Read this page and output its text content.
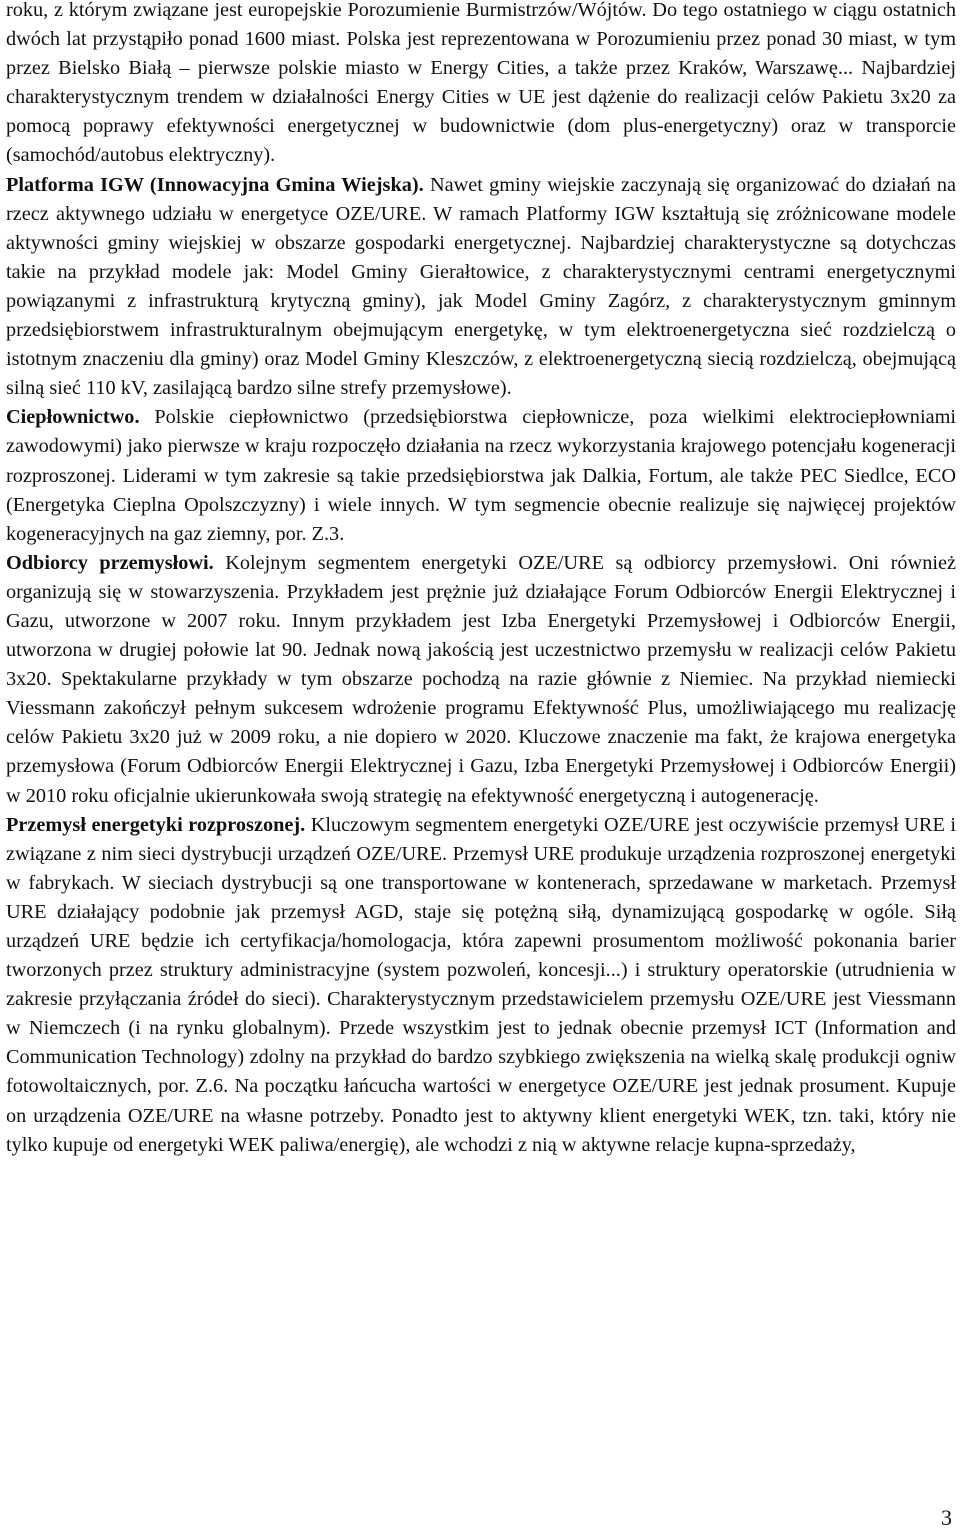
roku, z którym związane jest europejskie Porozumienie Burmistrzów/Wójtów. Do tego ostatniego w ciągu ostatnich dwóch lat przystąpiło ponad 1600 miast. Polska jest reprezentowana w Porozumieniu przez ponad 30 miast, w tym przez Bielsko Białą – pierwsze polskie miasto w Energy Cities, a także przez Kraków, Warszawę... Najbardziej charakterystycznym trendem w działalności Energy Cities w UE jest dążenie do realizacji celów Pakietu 3x20 za pomocą poprawy efektywności energetycznej w budownictwie (dom plus-energetyczny) oraz w transporcie (samochód/autobus elektryczny).

Platforma IGW (Innowacyjna Gmina Wiejska). Nawet gminy wiejskie zaczynają się organizować do działań na rzecz aktywnego udziału w energetyce OZE/URE. W ramach Platformy IGW kształtują się zróżnicowane modele aktywności gminy wiejskiej w obszarze gospodarki energetycznej. Najbardziej charakterystyczne są dotychczas takie na przykład modele jak: Model Gminy Gierałtowice, z charakterystycznymi centrami energetycznymi powiązanymi z infrastrukturą krytyczną gminy), jak Model Gminy Zagórz, z charakterystycznym gminnym przedsiębiorstwem infrastrukturalnym obejmującym energetykę, w tym elektroenergetyczna sieć rozdzielczą o istotnym znaczeniu dla gminy) oraz Model Gminy Kleszczów, z elektroenergetyczną siecią rozdzielczą, obejmującą silną sieć 110 kV, zasilającą bardzo silne strefy przemysłowe).

Ciepłownictwo. Polskie ciepłownictwo (przedsiębiorstwa ciepłownicze, poza wielkimi elektrociepłowniami zawodowymi) jako pierwsze w kraju rozpoczęło działania na rzecz wykorzystania krajowego potencjału kogeneracji rozproszonej. Liderami w tym zakresie są takie przedsiębiorstwa jak Dalkia, Fortum, ale także PEC Siedlce, ECO (Energetyka Cieplna Opolszczyzny) i wiele innych. W tym segmencie obecnie realizuje się najwięcej projektów kogeneracyjnych na gaz ziemny, por. Z.3.

Odbiorcy przemysłowi. Kolejnym segmentem energetyki OZE/URE są odbiorcy przemysłowi. Oni również organizują się w stowarzyszenia. Przykładem jest prężnie już działające Forum Odbiorców Energii Elektrycznej i Gazu, utworzone w 2007 roku. Innym przykładem jest Izba Energetyki Przemysłowej i Odbiorców Energii, utworzona w drugiej połowie lat 90. Jednak nową jakością jest uczestnictwo przemysłu w realizacji celów Pakietu 3x20. Spektakularne przykłady w tym obszarze pochodzą na razie głównie z Niemiec. Na przykład niemiecki Viessmann zakończył pełnym sukcesem wdrożenie programu Efektywność Plus, umożliwiającego mu realizację celów Pakietu 3x20 już w 2009 roku, a nie dopiero w 2020. Kluczowe znaczenie ma fakt, że krajowa energetyka przemysłowa (Forum Odbiorców Energii Elektrycznej i Gazu, Izba Energetyki Przemysłowej i Odbiorców Energii) w 2010 roku oficjalnie ukierunkowała swoją strategię na efektywność energetyczną i autogenerację.

Przemysł energetyki rozproszonej. Kluczowym segmentem energetyki OZE/URE jest oczywiście przemysł URE i związane z nim sieci dystrybucji urządzeń OZE/URE. Przemysł URE produkuje urządzenia rozproszonej energetyki w fabrykach. W sieciach dystrybucji są one transportowane w kontenerach, sprzedawane w marketach. Przemysł URE działający podobnie jak przemysł AGD, staje się potężną siłą, dynamizującą gospodarkę w ogóle. Siłą urządzeń URE będzie ich certyfikacja/homologacja, która zapewni prosumentom możliwość pokonania barier tworzonych przez struktury administracyjne (system pozwoleń, koncesji...) i struktury operatorskie (utrudnienia w zakresie przyłączania źródeł do sieci). Charakterystycznym przedstawicielem przemysłu OZE/URE jest Viessmann w Niemczech (i na rynku globalnym). Przede wszystkim jest to jednak obecnie przemysł ICT (Information and Communication Technology) zdolny na przykład do bardzo szybkiego zwiększenia na wielką skalę produkcji ogniw fotowoltaicznych, por. Z.6. Na początku łańcucha wartości w energetyce OZE/URE jest jednak prosument. Kupuje on urządzenia OZE/URE na własne potrzeby. Ponadto jest to aktywny klient energetyki WEK, tzn. taki, który nie tylko kupuje od energetyki WEK paliwa/energię), ale wchodzi z nią w aktywne relacje kupna-sprzedaży,

3
